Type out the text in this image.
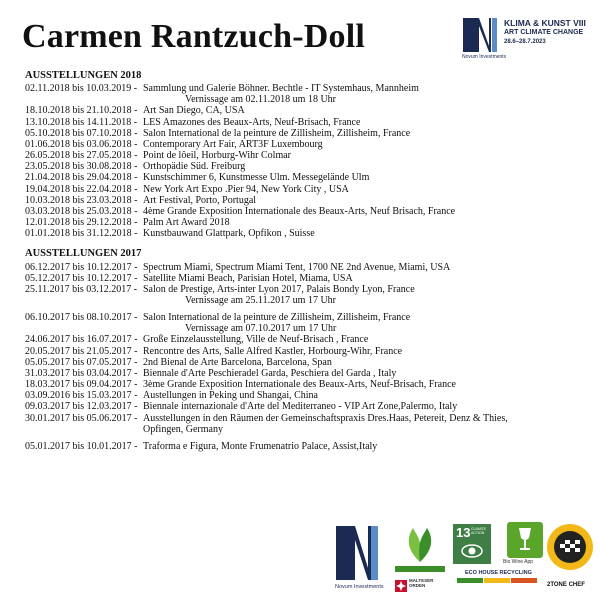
Carmen Rantzuch-Doll
Novum Investments
KLIMA & KUNST VIII
ART CLIMATE CHANGE
28.6–28.7.2023
AUSSTELLUNGEN 2018
02.11.2018 bis 10.03.2019 - Sammlung und Galerie Böhner. Bechtle - IT Systemhaus, Mannheim
Vernissage am 02.11.2018 um 18 Uhr
18.10.2018 bis 21.10.2018 - Art San Diego, CA, USA
13.10.2018 bis 14.11.2018 - LES Amazones des Beaux-Arts, Neuf-Brisach, France
05.10.2018 bis 07.10.2018 - Salon International de la peinture de Zillisheim, Zillisheim, France
01.06.2018 bis 03.06.2018 - Contemporary Art Fair, ART3F Luxembourg
26.05.2018 bis 27.05.2018 - Point de lôeil, Horburg-Wihr Colmar
23.05.2018 bis 30.08.2018 - Orthopädie Süd. Freiburg
21.04.2018 bis 29.04.2018 - Kunstschimmer 6, Kunstmesse Ulm. Messegelände Ulm
19.04.2018 bis 22.04.2018 - New York Art Expo .Pier 94, New York City , USA
10.03.2018 bis 23.03.2018 - Art Festival, Porto, Portugal
03.03.2018 bis 25.03.2018 - 4ème Grande Exposition Internationale des Beaux-Arts, Neuf Brisach, France
12.01.2018 bis 29.12.2018 - Palm Art Award 2018
01.01.2018 bis 31.12.2018 - Kunstbauwand Glattpark, Opfikon , Suisse
AUSSTELLUNGEN 2017
06.12.2017 bis 10.12.2017 - Spectrum Miami, Spectrum Miami Tent, 1700 NE 2nd Avenue, Miami, USA
05.12.2017 bis 10.12.2017 - Satellite Miami Beach, Parisian Hotel, Miama, USA
25.11.2017 bis 03.12.2017 - Salon de Prestige, Arts-inter Lyon 2017, Palais Bondy Lyon, France
Vernissage am 25.11.2017 um 17 Uhr
06.10.2017 bis 08.10.2017 - Salon International de la peinture de Zillisheim, Zillisheim, France
Vernissage am 07.10.2017 um 17 Uhr
24.06.2017 bis 16.07.2017 - Große Einzelausstellung, Ville de Neuf-Brisach , France
20.05.2017 bis 21.05.2017 - Rencontre des Arts, Salle Alfred Kastler, Horbourg-Wihr, France
05.05.2017 bis 07.05.2017 - 2nd Bienal de Arte Barcelona, Barcelona, Span
31.03.2017 bis 03.04.2017 - Biennale d'Arte Peschieradel Garda, Peschiera del Garda , Italy
18.03.2017 bis 09.04.2017 - 3ème Grande Exposition Internationale des Beaux-Arts, Neuf-Brisach, France
03.09.2016 bis 15.03.2017 - Austellungen in Peking und Shangai, China
09.03.2017 bis 12.03.2017 - Biennale internazionale d'Arte del Mediterraneo - VIP Art Zone,Palermo, Italy
30.01.2017 bis 05.06.2017 - Ausstellungen in den Räumen der Gemeinschaftspraxis Dres.Haas, Petereit, Denz & Thies,
Opfingen, Germany
05.01.2017 bis 10.01.2017 - Traforma e Figura, Monte Frumenatrio Palace, Assist,Italy
Novum Investments
MALTESER ORDEN
13 CLIMATE ACTION
Bio Wine App
ECO HOUSE RECYCLING
2TONE CHEF
